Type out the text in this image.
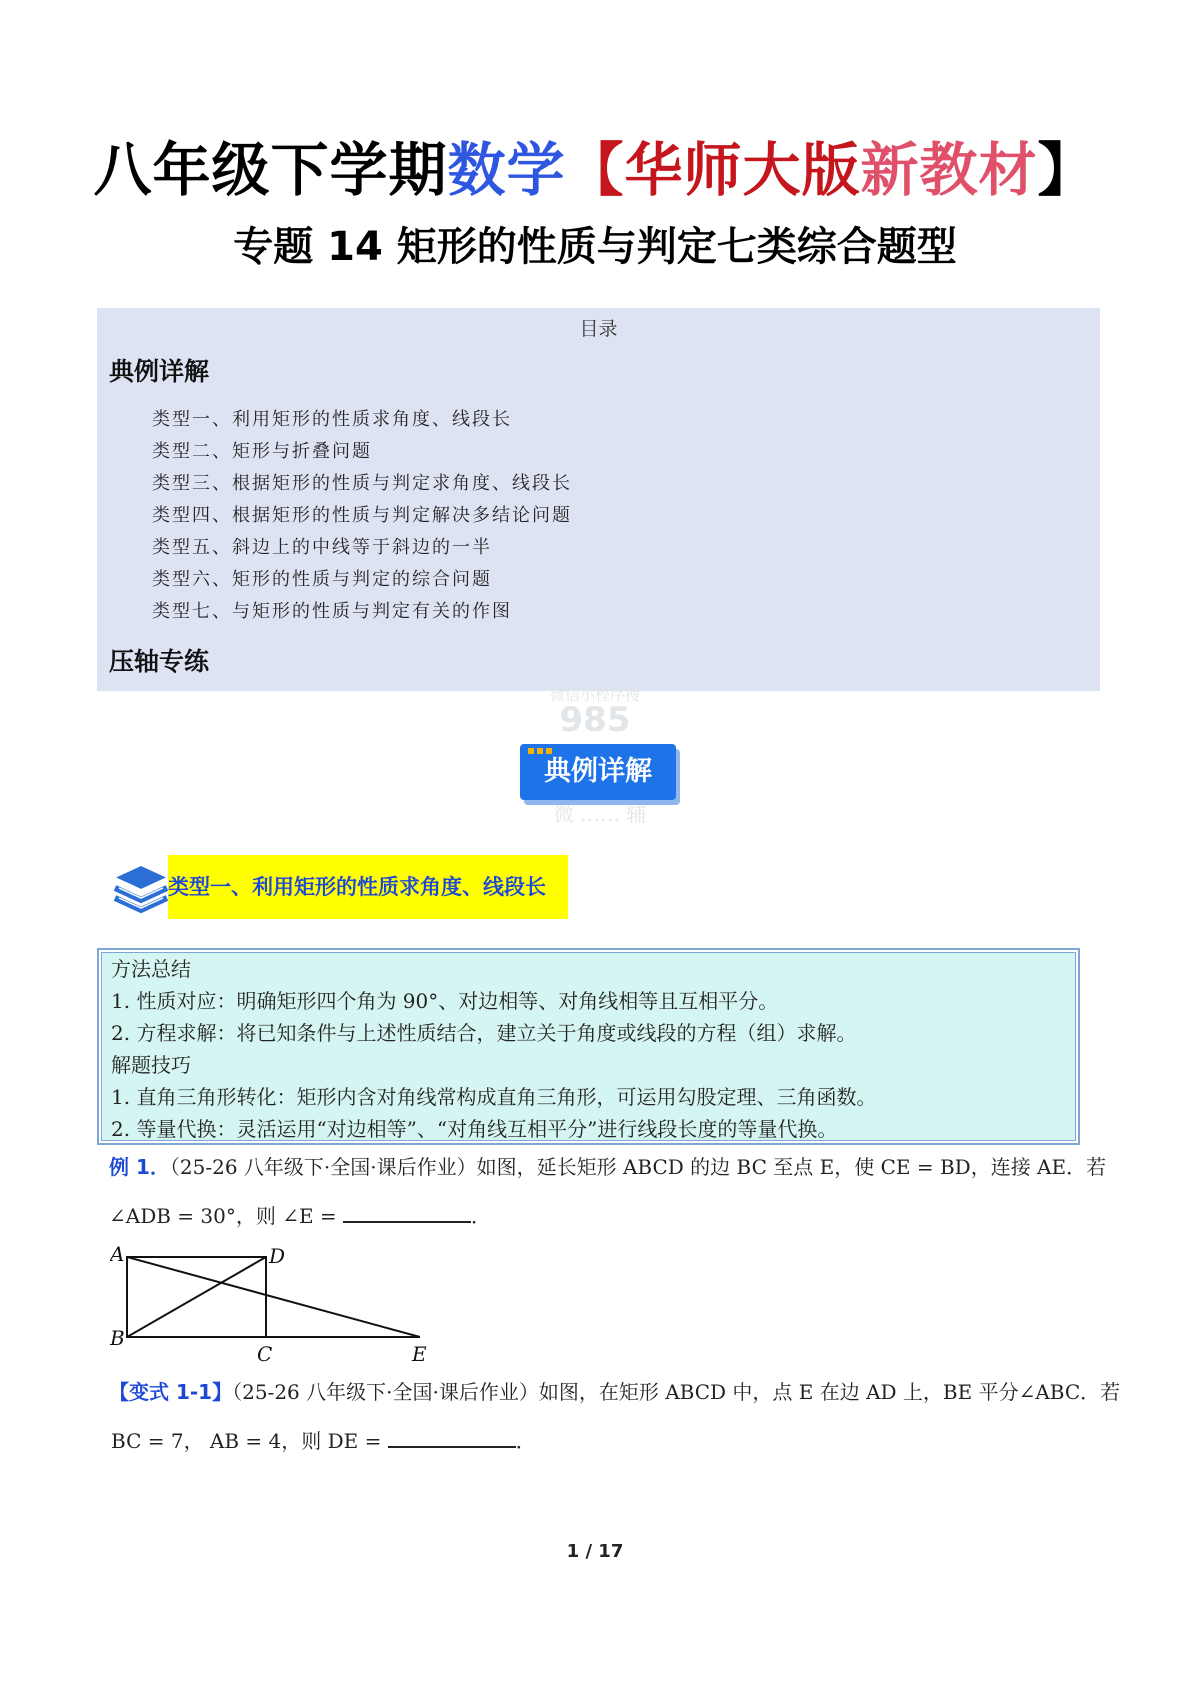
八年级下学期数学【华师大版新教材】
专题 14 矩形的性质与判定七类综合题型
目录
典例详解
类型一、利用矩形的性质求角度、线段长
类型二、矩形与折叠问题
类型三、根据矩形的性质与判定求角度、线段长
类型四、根据矩形的性质与判定解决多结论问题
类型五、斜边上的中线等于斜边的一半
类型六、矩形的性质与判定的综合问题
类型七、与矩形的性质与判定有关的作图
压轴专练
微信小程序搜
985
微 …… 辅
典例详解
类型一、利用矩形的性质求角度、线段长
方法总结
1. 性质对应：明确矩形四个角为 90°、对边相等、对角线相等且互相平分。
2. 方程求解：将已知条件与上述性质结合，建立关于角度或线段的方程（组）求解。
解题技巧
1. 直角三角形转化：矩形内含对角线常构成直角三角形，可运用勾股定理、三角函数。
2. 等量代换：灵活运用“对边相等”、“对角线互相平分”进行线段长度的等量代换。
例 1．（25-26 八年级下·全国·课后作业）如图，延长矩形 ABCD 的边 BC 至点 E，使 CE = BD，连接 AE．若
∠ADB = 30°，则 ∠E =	．
A	D
B
C	E
【变式 1-1】（25-26 八年级下·全国·课后作业）如图，在矩形 ABCD 中，点 E 在边 AD 上，BE 平分∠ABC．若
BC = 7， AB = 4，则 DE =	．
1 / 17
